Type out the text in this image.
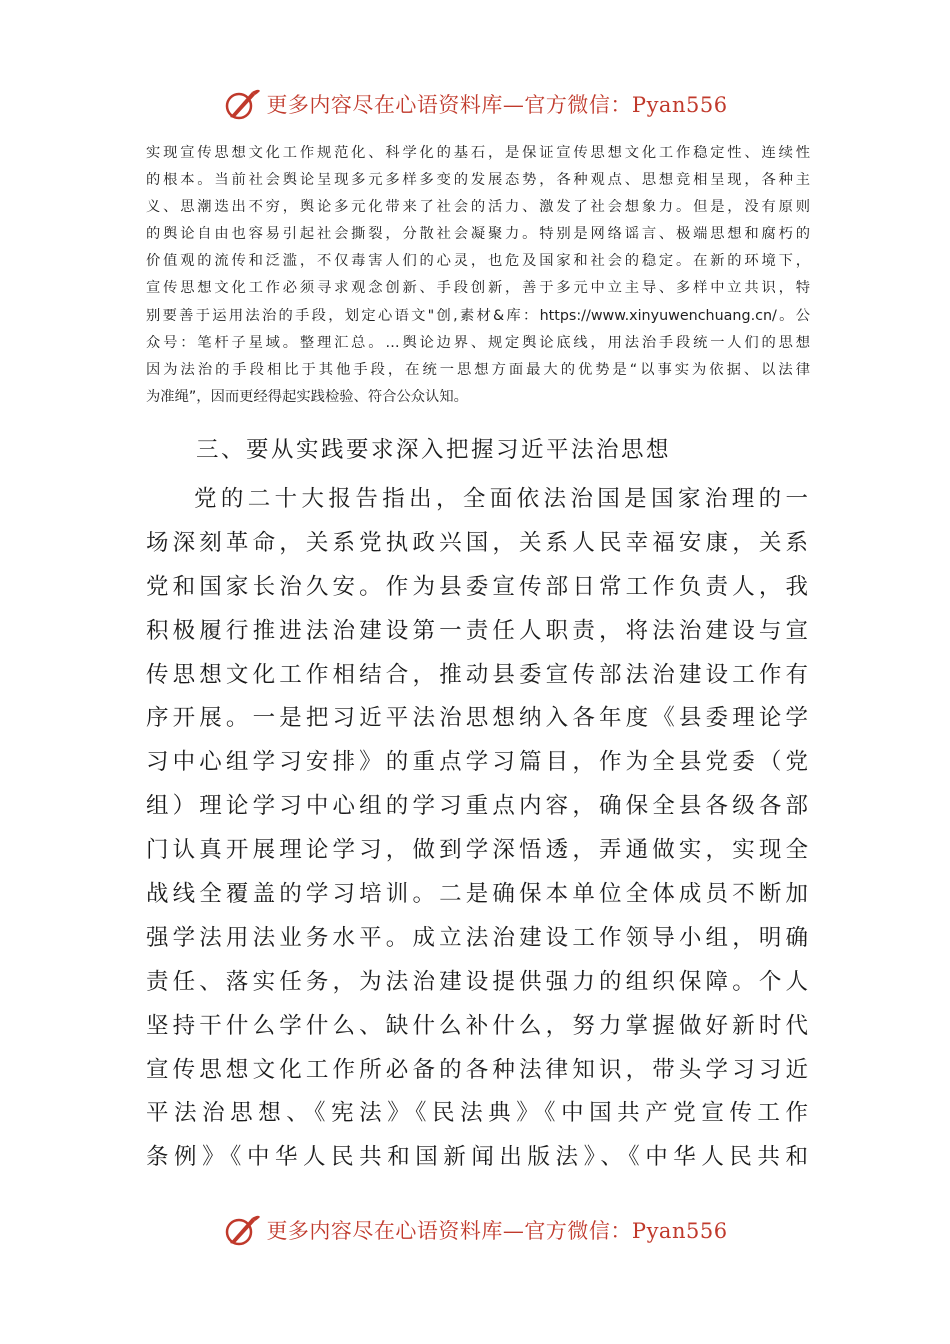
更多内容尽在心语资料库—官方微信：Pyan556
实现宣传思想文化工作规范化、科学化的基石，是保证宣传思想文化工作稳定性、连续性
的根本。当前社会舆论呈现多元多样多变的发展态势，各种观点、思想竞相呈现，各种主
义、思潮迭出不穷，舆论多元化带来了社会的活力、激发了社会想象力。但是，没有原则
的舆论自由也容易引起社会撕裂，分散社会凝聚力。特别是网络谣言、极端思想和腐朽的
价值观的流传和泛滥，不仅毒害人们的心灵，也危及国家和社会的稳定。在新的环境下，
宣传思想文化工作必须寻求观念创新、手段创新，善于多元中立主导、多样中立共识，特
别要善于运用法治的手段，划定心语文"创,素材&库：https://www.xinyuwenchuang.cn/。公
众号：笔杆子星域。整理汇总。…舆论边界、规定舆论底线，用法治手段统一人们的思想
因为法治的手段相比于其他手段，在统一思想方面最大的优势是“以事实为依据、以法律
为准绳”，因而更经得起实践检验、符合公众认知。
三、要从实践要求深入把握习近平法治思想
党的二十大报告指出，全面依法治国是国家治理的一
场深刻革命，关系党执政兴国，关系人民幸福安康，关系
党和国家长治久安。作为县委宣传部日常工作负责人，我
积极履行推进法治建设第一责任人职责，将法治建设与宣
传思想文化工作相结合，推动县委宣传部法治建设工作有
序开展。一是把习近平法治思想纳入各年度《县委理论学
习中心组学习安排》的重点学习篇目，作为全县党委（党
组）理论学习中心组的学习重点内容，确保全县各级各部
门认真开展理论学习，做到学深悟透，弄通做实，实现全
战线全覆盖的学习培训。二是确保本单位全体成员不断加
强学法用法业务水平。成立法治建设工作领导小组，明确
责任、落实任务，为法治建设提供强力的组织保障。个人
坚持干什么学什么、缺什么补什么，努力掌握做好新时代
宣传思想文化工作所必备的各种法律知识，带头学习习近
平法治思想、《宪法》《民法典》《中国共产党宣传工作
条例》《中华人民共和国新闻出版法》、《中华人民共和
更多内容尽在心语资料库—官方微信：Pyan556
